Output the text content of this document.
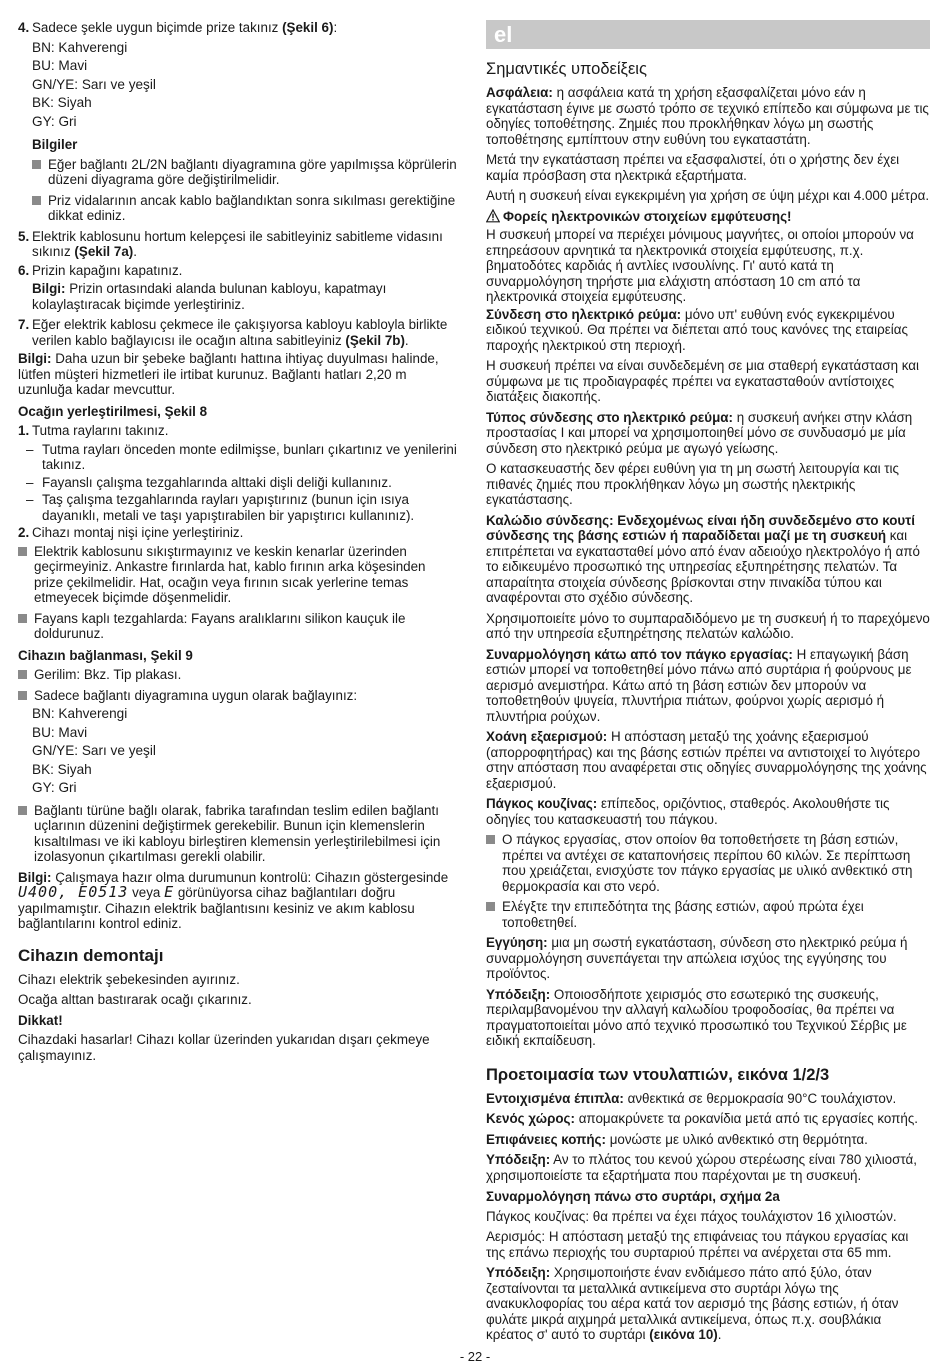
4. Sadece şekle uygun biçimde prize takınız (Şekil 6):
BN: Kahverengi
BU: Mavi
GN/YE: Sarı ve yeşil
BK: Siyah
GY: Gri
Bilgiler
Eğer bağlantı 2L/2N bağlantı diyagramına göre yapılmışsa köprülerin düzeni diyagrama göre değiştirilmelidir.
Priz vidalarının ancak kablo bağlandıktan sonra sıkılması gerektiğine dikkat ediniz.
5. Elektrik kablosunu hortum kelepçesi ile sabitleyiniz sabitleme vidasını sıkınız (Şekil 7a).
6. Prizin kapağını kapatınız.

Bilgi: Prizin ortasındaki alanda bulunan kabloyu, kapatmayı kolaylaştıracak biçimde yerleştiriniz.

7. Eğer elektrik kablosu çekmece ile çakışıyorsa kabloyu kabloyla birlikte verilen kablo bağlayıcısı ile ocağın altına sabitleyiniz (Şekil 7b).

Bilgi: Daha uzun bir şebeke bağlantı hattına ihtiyaç duyulması halinde, lütfen müşteri hizmetleri ile irtibat kurunuz. Bağlantı hatları 2,20 m uzunluğa kadar mevcuttur.

Ocağın yerleştirilmesi, Şekil 8
1. Tutma raylarını takınız.
– Tutma rayları önceden monte edilmişse, bunları çıkartınız ve yenilerini takınız.
– Fayanslı çalışma tezgahlarında alttaki dişli deliği kullanınız.
– Taş çalışma tezgahlarında rayları yapıştırınız (bunun için ısıya dayanıklı, metali ve taşı yapıştırabilen bir yapıştırıcı kullanınız).
2. Cihazı montaj nişi içine yerleştiriniz.
Elektrik kablosunu sıkıştırmayınız ve keskin kenarlar üzerinden geçirmeyiniz. Ankastre fırınlarda hat, kablo fırının arka köşesinden prize çekilmelidir. Hat, ocağın veya fırının sıcak yerlerine temas etmeyecek biçimde döşenmelidir.
Fayans kaplı tezgahlarda: Fayans aralıklarını silikon kauçuk ile doldurunuz.
Cihazın bağlanması, Şekil 9
Gerilim: Bkz. Tip plakası.
Sadece bağlantı diyagramına uygun olarak bağlayınız:
BN: Kahverengi
BU: Mavi
GN/YE: Sarı ve yeşil
BK: Siyah
GY: Gri
Bağlantı türüne bağlı olarak, fabrika tarafından teslim edilen bağlantı uçlarının düzenini değiştirmek gerekebilir. Bunun için klemenslerin kısaltılması ve iki kabloyu birleştiren klemensin yerleştirilebilmesi için izolasyonun çıkartılması gerekli olabilir.

Bilgi: Çalışmaya hazır olma durumunun kontrolü: Cihazın göstergesinde U400, E0513 veya E görünüyorsa cihaz bağlantıları doğru yapılmamıştır. Cihazın elektrik bağlantısını kesiniz ve akım kablosu bağlantılarını kontrol ediniz.

Cihazın demontajı

Cihazı elektrik şebekesinden ayırınız.

Ocağa alttan bastırarak ocağı çıkarınız.

Dikkat!

Cihazdaki hasarlar! Cihazı kollar üzerinden yukarıdan dışarı çekmeye çalışmayınız.

el
Σημαντικές υποδείξεις

Ασφάλεια: η ασφάλεια κατά τη χρήση εξασφαλίζεται μόνο εάν η εγκατάσταση έγινε με σωστό τρόπο σε τεχνικό επίπεδο και σύμφωνα με τις οδηγίες τοποθέτησης. Ζημιές που προκλήθηκαν λόγω μη σωστής τοποθέτησης εμπίπτουν στην ευθύνη του εγκαταστάτη.

Μετά την εγκατάσταση πρέπει να εξασφαλιστεί, ότι ο χρήστης δεν έχει καμία πρόσβαση στα ηλεκτρικά εξαρτήματα.

Αυτή η συσκευή είναι εγκεκριμένη για χρήση σε ύψη μέχρι και 4.000 μέτρα.

Φορείς ηλεκτρονικών στοιχείων εμφύτευσης!

Η συσκευή μπορεί να περιέχει μόνιμους μαγνήτες, οι οποίοι μπορούν να επηρεάσουν αρνητικά τα ηλεκτρονικά στοιχεία εμφύτευσης, π.χ. βηματοδότες καρδιάς ή αντλίες ινσουλίνης. Γι' αυτό κατά τη συναρμολόγηση τηρήστε μια ελάχιστη απόσταση 10 cm από τα ηλεκτρονικά στοιχεία εμφύτευσης.

Σύνδεση στο ηλεκτρικό ρεύμα: μόνο υπ' ευθύνη ενός εγκεκριμένου ειδικού τεχνικού. Θα πρέπει να διέπεται από τους κανόνες της εταιρείας παροχής ηλεκτρικού στη περιοχή.

Η συσκευή πρέπει να είναι συνδεδεμένη σε μια σταθερή εγκατάσταση και σύμφωνα με τις προδιαγραφές πρέπει να εγκατασταθούν αντίστοιχες διατάξεις διακοπής.

Τύπος σύνδεσης στο ηλεκτρικό ρεύμα: η συσκευή ανήκει στην κλάση προστασίας I και μπορεί να χρησιμοποιηθεί μόνο σε συνδυασμό με μία σύνδεση στο ηλεκτρικό ρεύμα με αγωγό γείωσης.

Ο κατασκευαστής δεν φέρει ευθύνη για τη μη σωστή λειτουργία και τις πιθανές ζημιές που προκλήθηκαν λόγω μη σωστής ηλεκτρικής εγκατάστασης.

Καλώδιο σύνδεσης: Ενδεχομένως είναι ήδη συνδεδεμένο στο κουτί σύνδεσης της βάσης εστιών ή παραδίδεται μαζί με τη συσκευή και επιτρέπεται να εγκατασταθεί μόνο από έναν αδειούχο ηλεκτρολόγο ή από το ειδικευμένο προσωπικό της υπηρεσίας εξυπηρέτησης πελατών. Τα απαραίτητα στοιχεία σύνδεσης βρίσκονται στην πινακίδα τύπου και αναφέρονται στο σχέδιο σύνδεσης.

Χρησιμοποιείτε μόνο το συμπαραδιδόμενο με τη συσκευή ή το παρεχόμενο από την υπηρεσία εξυπηρέτησης πελατών καλώδιο.

Συναρμολόγηση κάτω από τον πάγκο εργασίας: Η επαγωγική βάση εστιών μπορεί να τοποθετηθεί μόνο πάνω από συρτάρια ή φούρνους με αερισμό ανεμιστήρα. Κάτω από τη βάση εστιών δεν μπορούν να τοποθετηθούν ψυγεία, πλυντήρια πιάτων, φούρνοι χωρίς αερισμό ή πλυντήρια ρούχων.

Χοάνη εξαερισμού: Η απόσταση μεταξύ της χοάνης εξαερισμού (απορροφητήρας) και της βάσης εστιών πρέπει να αντιστοιχεί το λιγότερο στην απόσταση που αναφέρεται στις οδηγίες συναρμολόγησης της χοάνης εξαερισμού.

Πάγκος κουζίνας: επίπεδος, οριζόντιος, σταθερός. Ακολουθήστε τις οδηγίες του κατασκευαστή του πάγκου.

Ο πάγκος εργασίας, στον οποίον θα τοποθετήσετε τη βάση εστιών, πρέπει να αντέχει σε καταπονήσεις περίπου 60 κιλών. Σε περίπτωση που χρειάζεται, ενισχύστε τον πάγκο εργασίας με υλικό ανθεκτικό στη θερμοκρασία και στο νερό.
Ελέγξτε την επιπεδότητα της βάσης εστιών, αφού πρώτα έχει τοποθετηθεί.

Εγγύηση: μια μη σωστή εγκατάσταση, σύνδεση στο ηλεκτρικό ρεύμα ή συναρμολόγηση συνεπάγεται την απώλεια ισχύος της εγγύησης του προϊόντος.

Υπόδειξη: Οποιοσδήποτε χειρισμός στο εσωτερικό της συσκευής, περιλαμβανομένου την αλλαγή καλωδίου τροφοδοσίας, θα πρέπει να πραγματοποιείται μόνο από τεχνικό προσωπικό του Τεχνικού Σέρβις με ειδική εκπαίδευση.

Προετοιμασία των ντουλαπιών, εικόνα 1/2/3

Εντοιχισμένα έπιπλα: ανθεκτικά σε θερμοκρασία 90°C τουλάχιστον.

Κενός χώρος: απομακρύνετε τα ροκανίδια μετά από τις εργασίες κοπής.

Επιφάνειες κοπής: μονώστε με υλικό ανθεκτικό στη θερμότητα.

Υπόδειξη: Αν το πλάτος του κενού χώρου στερέωσης είναι 780 χιλιοστά, χρησιμοποιείστε τα εξαρτήματα που παρέχονται με τη συσκευή.

Συναρμολόγηση πάνω στο συρτάρι, σχήμα 2a

Πάγκος κουζίνας: θα πρέπει να έχει πάχος τουλάχιστον 16 χιλιοστών.

Αερισμός: Η απόσταση μεταξύ της επιφάνειας του πάγκου εργασίας και της επάνω περιοχής του συρταριού πρέπει να ανέρχεται στα 65 mm.

Υπόδειξη: Χρησιμοποιήστε έναν ενδιάμεσο πάτο από ξύλο, όταν ζεσταίνονται τα μεταλλικά αντικείμενα στο συρτάρι λόγω της ανακυκλοφορίας του αέρα κατά τον αερισμό της βάσης εστιών, ή όταν φυλάτε μικρά αιχμηρά μεταλλικά αντικείμενα, όπως π.χ. σουβλάκια κρέατος σ' αυτό το συρτάρι (εικόνα 10).

- 22 -
